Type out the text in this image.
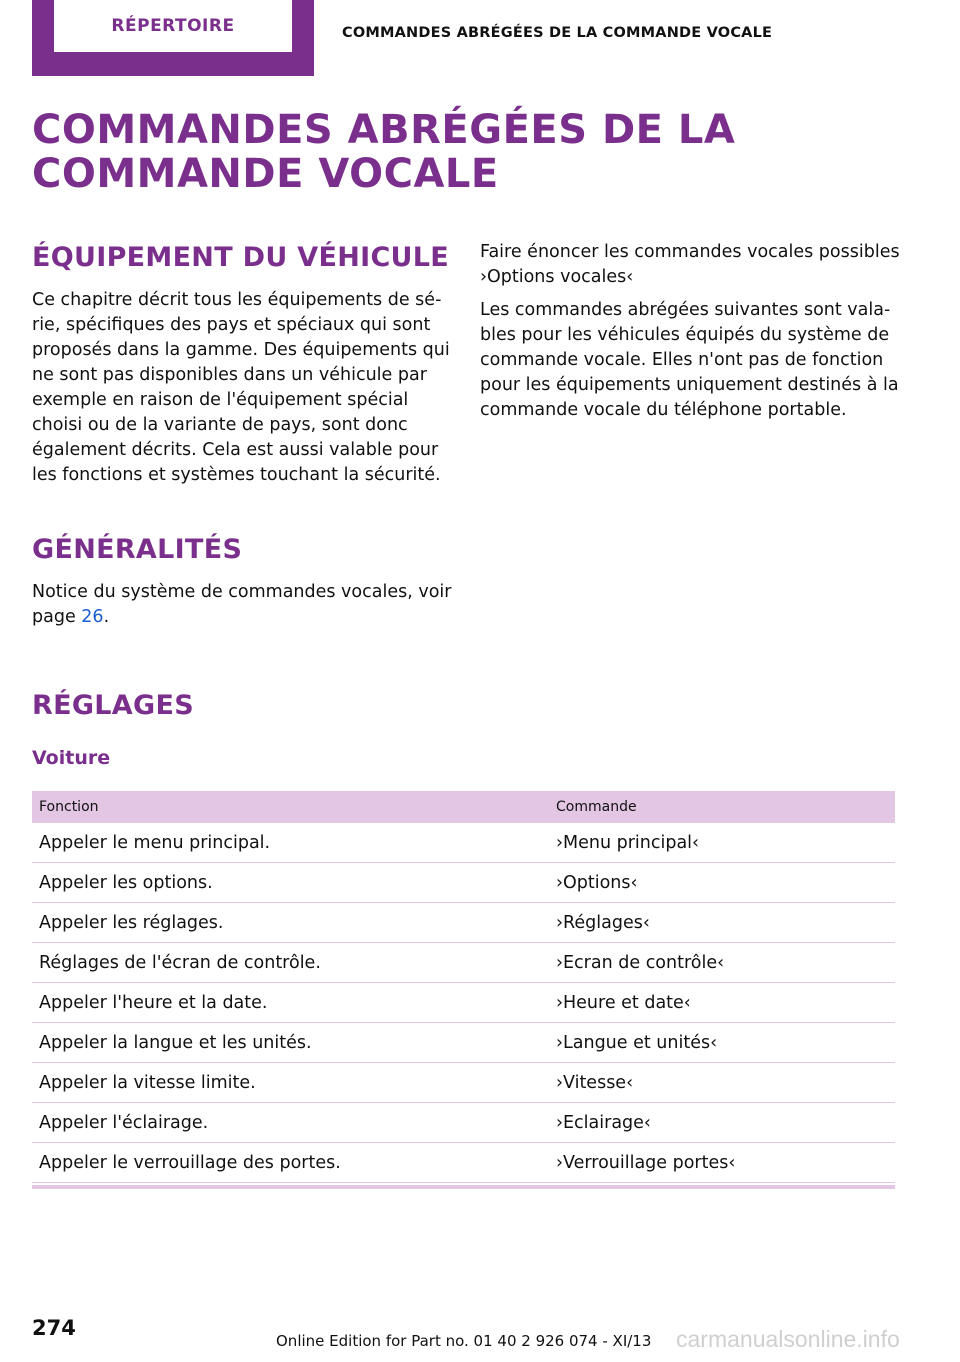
RÉPERTOIRE	COMMANDES ABRÉGÉES DE LA COMMANDE VOCALE
COMMANDES ABRÉGÉES DE LA COMMANDE VOCALE
ÉQUIPEMENT DU VÉHICULE

Ce chapitre décrit tous les équipements de série, spécifiques des pays et spéciaux qui sont proposés dans la gamme. Des équipements qui ne sont pas disponibles dans un véhicule par exemple en raison de l'équipement spécial choisi ou de la variante de pays, sont donc également décrits. Cela est aussi valable pour les fonctions et systèmes touchant la sécurité.

GÉNÉRALITÉS

Notice du système de commandes vocales, voir page 26.

Faire énoncer les commandes vocales possibles ›Options vocales‹

Les commandes abrégées suivantes sont valables pour les véhicules équipés du système de commande vocale. Elles n'ont pas de fonction pour les équipements uniquement destinés à la commande vocale du téléphone portable.

RÉGLAGES
Voiture
Fonction	Commande
Appeler le menu principal.	›Menu principal‹
Appeler les options.	›Options‹
Appeler les réglages.	›Réglages‹
Réglages de l'écran de contrôle.	›Ecran de contrôle‹
Appeler l'heure et la date.	›Heure et date‹
Appeler la langue et les unités.	›Langue et unités‹
Appeler la vitesse limite.	›Vitesse‹
Appeler l'éclairage.	›Eclairage‹
Appeler le verrouillage des portes.	›Verrouillage portes‹
274
Online Edition for Part no. 01 40 2 926 074 - XI/13 carmanualsonline.info
